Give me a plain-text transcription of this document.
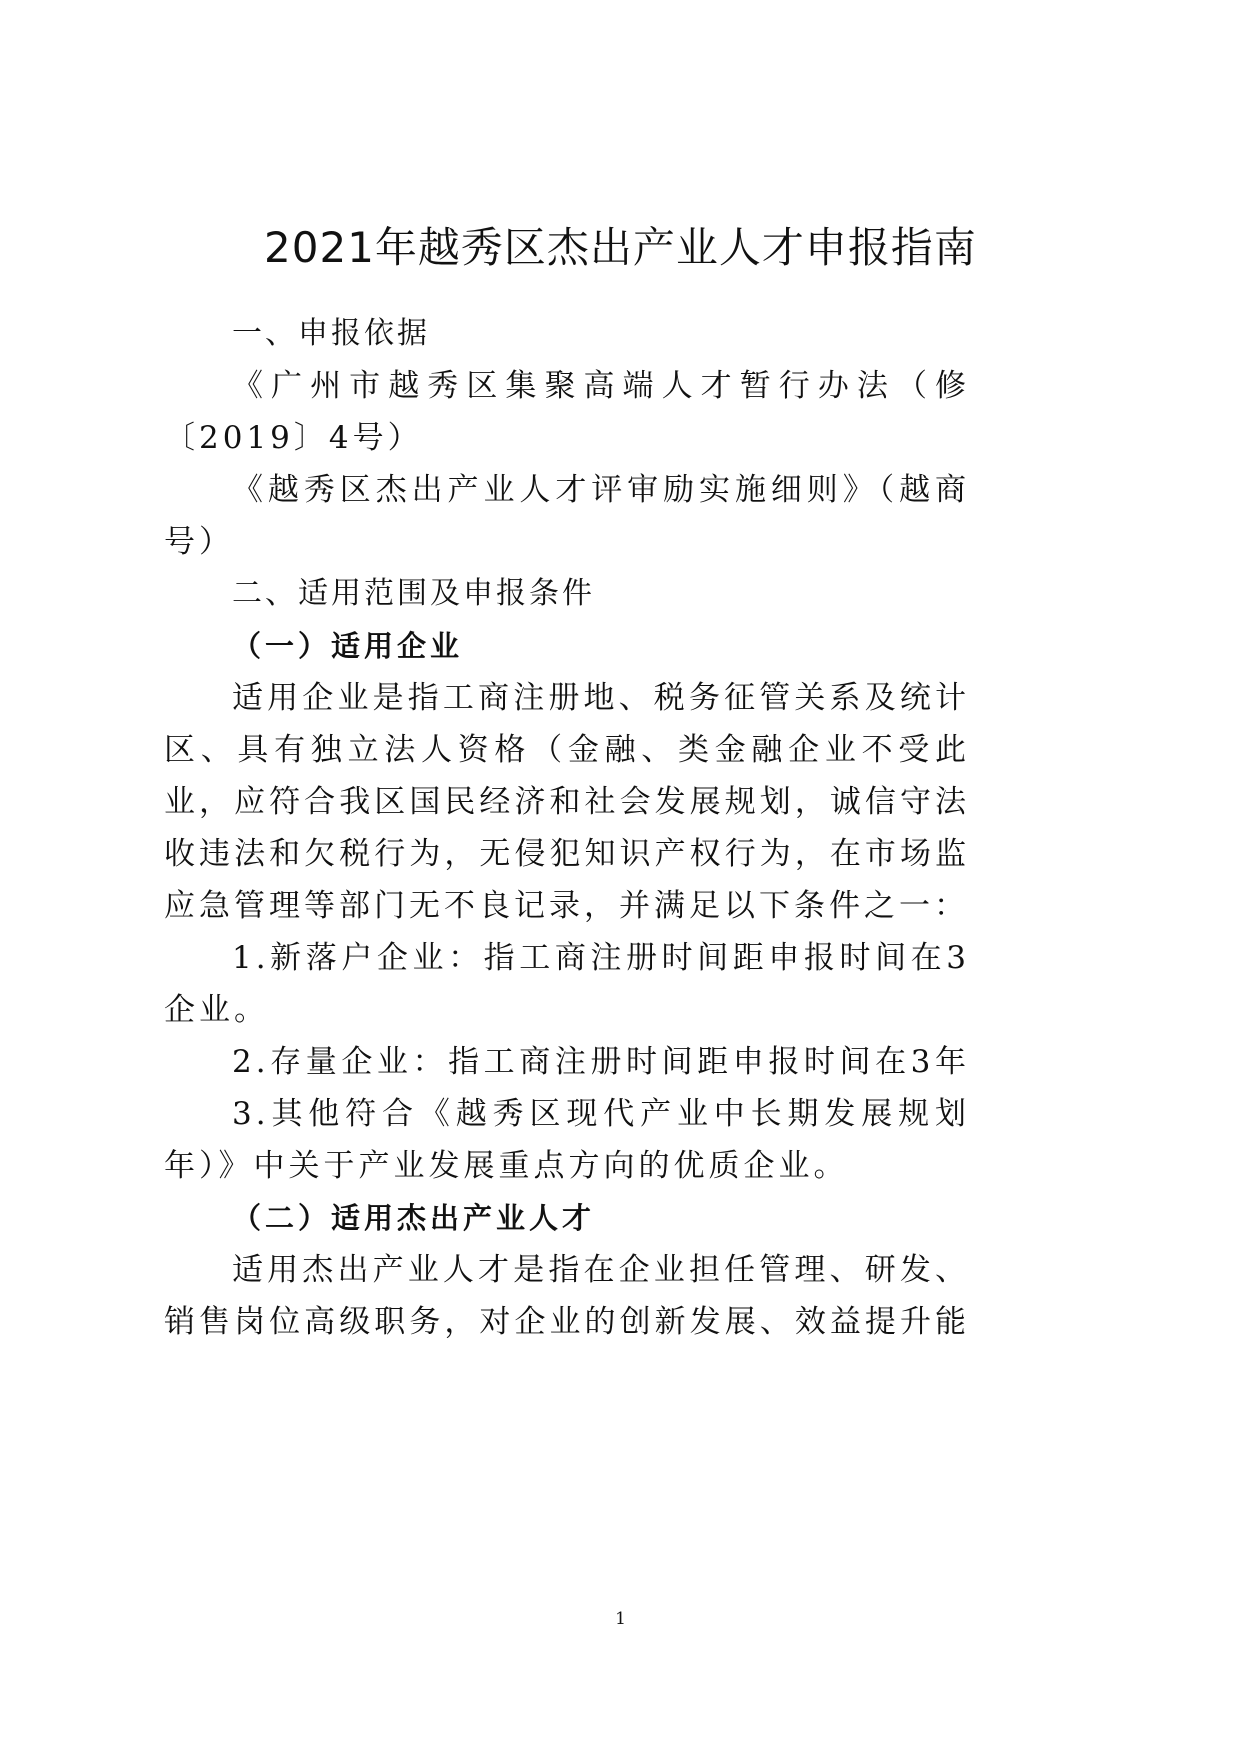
2021年越秀区杰出产业人才申报指南

一、申报依据

《广州市越秀区集聚高端人才暂行办法（修

〔2019〕4号）

《越秀区杰出产业人才评审励实施细则》（越商

号）

二、适用范围及申报条件

（一）适用企业

适用企业是指工商注册地、税务征管关系及统计

区、具有独立法人资格（金融、类金融企业不受此

业，应符合我区国民经济和社会发展规划，诚信守法

收违法和欠税行为，无侵犯知识产权行为，在市场监

应急管理等部门无不良记录，并满足以下条件之一：

1.新落户企业：指工商注册时间距申报时间在3

企业。

2.存量企业：指工商注册时间距申报时间在3年

3.其他符合《越秀区现代产业中长期发展规划

年）》中关于产业发展重点方向的优质企业。

（二）适用杰出产业人才

适用杰出产业人才是指在企业担任管理、研发、

销售岗位高级职务，对企业的创新发展、效益提升能

1
